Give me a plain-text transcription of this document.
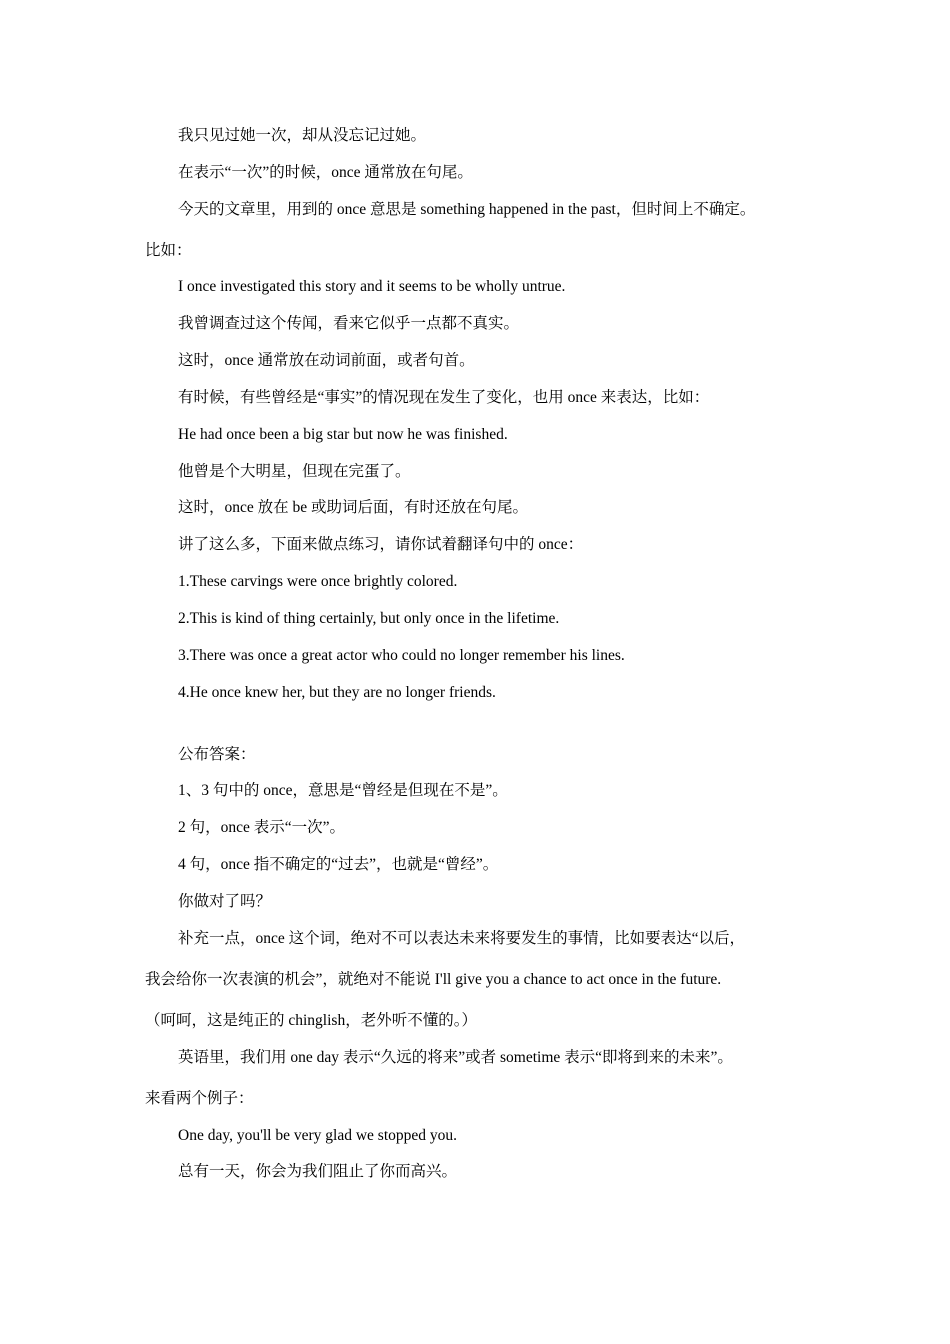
我只见过她一次，却从没忘记过她。
在表示“一次”的时候，once 通常放在句尾。
今天的文章里，用到的 once 意思是 something happened in the past，但时间上不确定。
比如：
I once investigated this story and it seems to be wholly untrue.
我曾调查过这个传闻，看来它似乎一点都不真实。
这时，once 通常放在动词前面，或者句首。
有时候，有些曾经是“事实”的情况现在发生了变化，也用 once 来表达，比如：
He had once been a big star but now he was finished.
他曾是个大明星，但现在完蛋了。
这时，once 放在 be 或助词后面，有时还放在句尾。
讲了这么多，下面来做点练习，请你试着翻译句中的 once：
1.These carvings were once brightly colored.
2.This is kind of thing certainly, but only once in the lifetime.
3.There was once a great actor who could no longer remember his lines.
4.He once knew her, but they are no longer friends.
公布答案：
1、3 句中的 once，意思是“曾经是但现在不是”。
2 句，once 表示“一次”。
4 句，once 指不确定的“过去”，也就是“曾经”。
你做对了吗？
补充一点，once 这个词，绝对不可以表达未来将要发生的事情，比如要表达“以后，
我会给你一次表演的机会”，就绝对不能说 I'll give you a chance to act once in the future.
（呵呵，这是纯正的 chinglish，老外听不懂的。）
英语里，我们用 one day 表示“久远的将来”或者 sometime 表示“即将到来的未来”。
来看两个例子：
One day, you'll be very glad we stopped you.
总有一天，你会为我们阻止了你而高兴。
